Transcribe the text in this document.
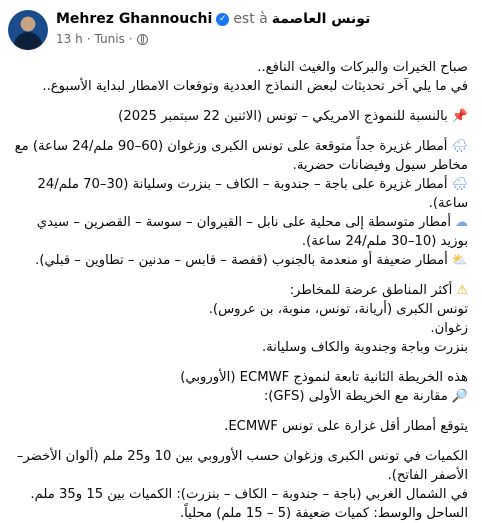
Mehrez Ghannouchi ✓ est à تونس العاصمة
13 h · Tunis ·
صباح الخيرات والبركات والغيث النافع..
في ما يلي آخر تحديثات لبعض النماذج العددية وتوقعات الامطار لبداية الأسبوع..
📌بالنسبة للنموذج الامريكي – تونس (الاثنين 22 سبتمبر 2025)
🌧أمطار غزيرة جداً متوقعة على تونس الكبرى وزغوان (60–90 ملم/24 ساعة) مع مخاطر سيول وفيضانات حضرية.
🌧أمطار غزيرة على باجة – جندوبة – الكاف – بنزرت وسليانة (30–70 ملم/24 ساعة).
☁أمطار متوسطة إلى محلية على نابل – القيروان – سوسة – القصرين – سيدي بوزيد (10–30 ملم/24 ساعة).
⛅أمطار ضعيفة أو منعدمة بالجنوب (قفصة – قابس – مدنين – تطاوين – قبلي).
⚠أكثر المناطق عرضة للمخاطر:
تونس الكبرى (أريانة، تونس، منوبة، بن عروس).
زغوان.
بنزرت وباجة وجندوبة والكاف وسليانة.
هذه الخريطة الثانية تابعة لنموذج ECMWF (الأوروبي)
🔎مقارنة مع الخريطة الأولى (GFS):
يتوقع أمطار أقل غزارة على تونس ECMWF.
الكميات في تونس الكبرى وزغوان حسب الأوروبي بين 10 و25 ملم (ألوان الأخضر–الأصفر الفاتح).
في الشمال الغربي (باجة – جندوبة – الكاف – بنزرت): الكميات بين 15 و35 ملم.
الساحل والوسط: كميات ضعيفة (5 – 15 ملم) محلياً.
